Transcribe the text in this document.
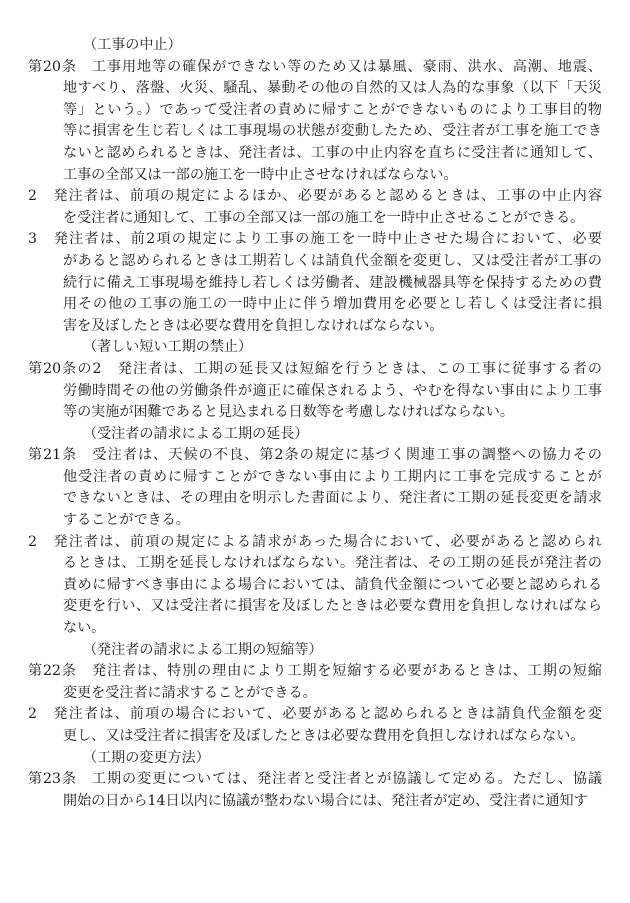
（工事の中止）
第20条　工事用地等の確保ができない等のため又は暴風、豪雨、洪水、高潮、地震、
地すべり、落盤、火災、騒乱、暴動その他の自然的又は人為的な事象（以下「天災
等」という。）であって受注者の責めに帰すことができないものにより工事目的物
等に損害を生じ若しくは工事現場の状態が変動したため、受注者が工事を施工でき
ないと認められるときは、発注者は、工事の中止内容を直ちに受注者に通知して、
工事の全部又は一部の施工を一時中止させなければならない。
2　発注者は、前項の規定によるほか、必要があると認めるときは、工事の中止内容
を受注者に通知して、工事の全部又は一部の施工を一時中止させることができる。
3　発注者は、前2項の規定により工事の施工を一時中止させた場合において、必要
があると認められるときは工期若しくは請負代金額を変更し、又は受注者が工事の
続行に備え工事現場を維持し若しくは労働者、建設機械器具等を保持するための費
用その他の工事の施工の一時中止に伴う増加費用を必要とし若しくは受注者に損
害を及ぼしたときは必要な費用を負担しなければならない。
（著しい短い工期の禁止）
第20条の2　発注者は、工期の延長又は短縮を行うときは、この工事に従事する者の
労働時間その他の労働条件が適正に確保されるよう、やむを得ない事由により工事
等の実施が困難であると見込まれる日数等を考慮しなければならない。
（受注者の請求による工期の延長）
第21条　受注者は、天候の不良、第2条の規定に基づく関連工事の調整への協力その
他受注者の責めに帰すことができない事由により工期内に工事を完成することが
できないときは、その理由を明示した書面により、発注者に工期の延長変更を請求
することができる。
2　発注者は、前項の規定による請求があった場合において、必要があると認められ
るときは、工期を延長しなければならない。発注者は、その工期の延長が発注者の
責めに帰すべき事由による場合においては、請負代金額について必要と認められる
変更を行い、又は受注者に損害を及ぼしたときは必要な費用を負担しなければなら
ない。
（発注者の請求による工期の短縮等）
第22条　発注者は、特別の理由により工期を短縮する必要があるときは、工期の短縮
変更を受注者に請求することができる。
2　発注者は、前項の場合において、必要があると認められるときは請負代金額を変
更し、又は受注者に損害を及ぼしたときは必要な費用を負担しなければならない。
（工期の変更方法）
第23条　工期の変更については、発注者と受注者とが協議して定める。ただし、協議
開始の日から14日以内に協議が整わない場合には、発注者が定め、受注者に通知す
